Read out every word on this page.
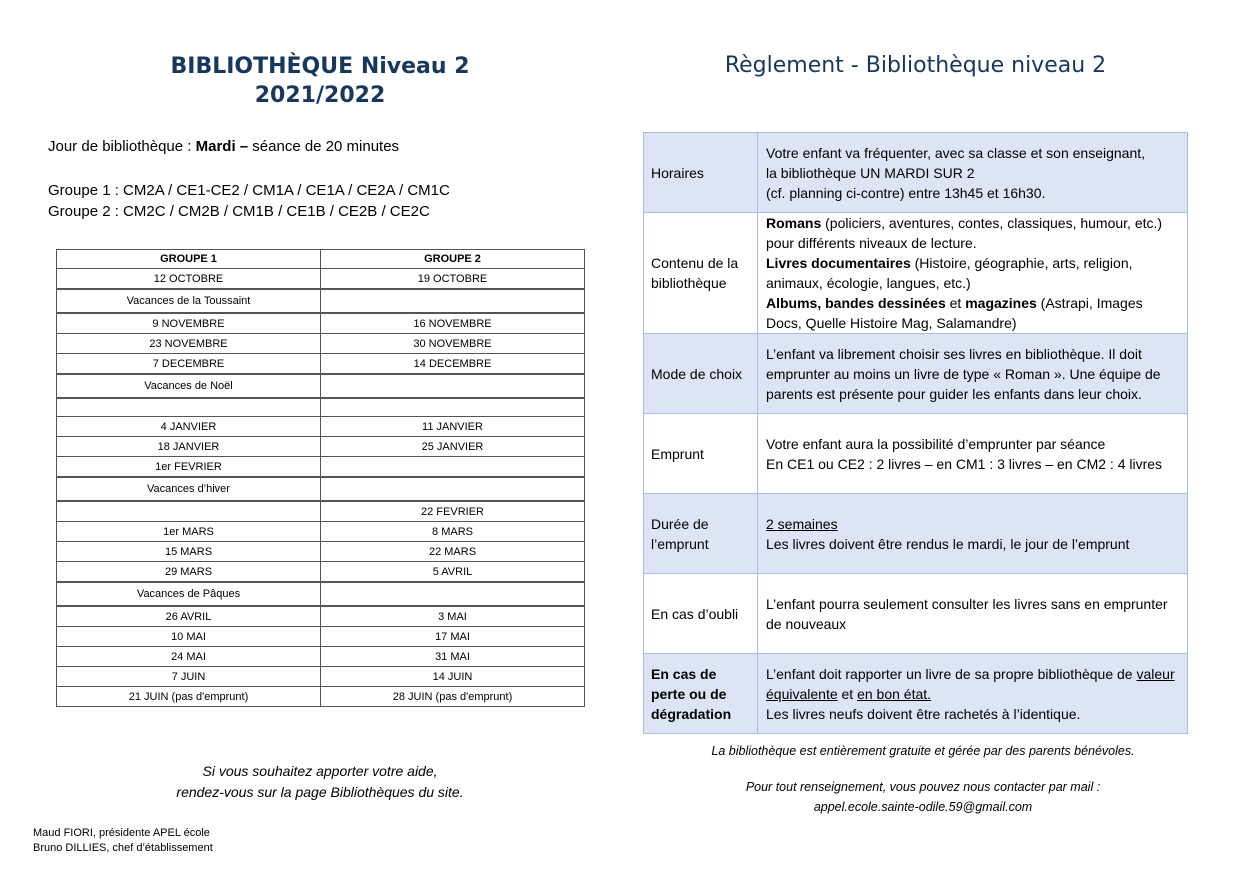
BIBLIOTHÈQUE Niveau 2
2021/2022
Jour de bibliothèque : Mardi – séance de 20 minutes
Groupe 1 : CM2A / CE1-CE2 / CM1A / CE1A / CE2A / CM1C
Groupe 2 : CM2C / CM2B / CM1B / CE1B / CE2B / CE2C
GROUPE 1	GROUPE 2
12 OCTOBRE	19 OCTOBRE
Vacances de la Toussaint	
9 NOVEMBRE	16 NOVEMBRE
23 NOVEMBRE	30 NOVEMBRE
7 DECEMBRE	14 DECEMBRE
Vacances de Noël	

4 JANVIER	11 JANVIER
18 JANVIER	25 JANVIER
1er FEVRIER	
Vacances d’hiver	
	22 FEVRIER
1er MARS	8 MARS
15 MARS	22 MARS
29 MARS	5 AVRIL
Vacances de Pâques	
26 AVRIL	3 MAI
10 MAI	17 MAI
24 MAI	31 MAI
7 JUIN	14 JUIN
21 JUIN (pas d'emprunt)	28 JUIN (pas d'emprunt)
Si vous souhaitez apporter votre aide,
rendez-vous sur la page Bibliothèques du site.
Maud FIORI, présidente APEL école
Bruno DILLIES, chef d’établissement
Règlement - Bibliothèque niveau 2
Horaires	Votre enfant va fréquenter, avec sa classe et son enseignant,
la bibliothèque UN MARDI SUR 2
(cf. planning ci-contre) entre 13h45 et 16h30.

Contenu de la bibliothèque	Romans (policiers, aventures, contes, classiques, humour, etc.) pour différents niveaux de lecture.
Livres documentaires (Histoire, géographie, arts, religion, animaux, écologie, langues, etc.)
Albums, bandes dessinées et magazines (Astrapi, Images Docs, Quelle Histoire Mag, Salamandre)
Mode de choix	L’enfant va librement choisir ses livres en bibliothèque. Il doit emprunter au moins un livre de type « Roman ». Une équipe de parents est présente pour guider les enfants dans leur choix.
Emprunt	Votre enfant aura la possibilité d’emprunter par séance
En CE1 ou CE2 : 2 livres – en CM1 : 3 livres – en CM2 : 4 livres

Durée de l’emprunt	2 semaines
Les livres doivent être rendus le mardi, le jour de l’emprunt

En cas d’oubli	L’enfant pourra seulement consulter les livres sans en emprunter de nouveaux
En cas de perte ou de dégradation	L’enfant doit rapporter un livre de sa propre bibliothèque de valeur équivalente et en bon état.
Les livres neufs doivent être rachetés à l’identique.
La bibliothèque est entièrement gratuite et gérée par des parents bénévoles.
Pour tout renseignement, vous pouvez nous contacter par mail :
appel.ecole.sainte-odile.59@gmail.com
